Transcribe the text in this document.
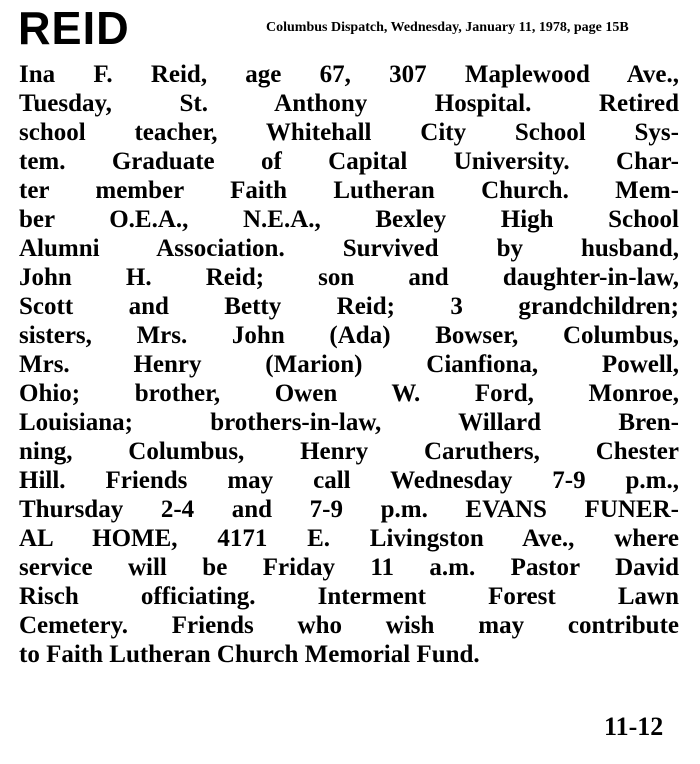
REID	Columbus Dispatch, Wednesday, January 11, 1978, page 15B
Ina F. Reid, age 67, 307 Maplewood Ave.,
Tuesday, St. Anthony Hospital. Retired
school teacher, Whitehall City School Sys-
tem. Graduate of Capital University. Char-
ter member Faith Lutheran Church. Mem-
ber O.E.A., N.E.A., Bexley High School
Alumni Association. Survived by husband,
John H. Reid; son and daughter-in-law,
Scott and Betty Reid; 3 grandchildren;
sisters, Mrs. John (Ada) Bowser, Columbus,
Mrs. Henry (Marion) Cianfiona, Powell,
Ohio; brother, Owen W. Ford, Monroe,
Louisiana; brothers-in-law, Willard Bren-
ning, Columbus, Henry Caruthers, Chester
Hill. Friends may call Wednesday 7-9 p.m.,
Thursday 2-4 and 7-9 p.m. EVANS FUNER-
AL HOME, 4171 E. Livingston Ave., where
service will be Friday 11 a.m. Pastor David
Risch officiating. Interment Forest Lawn
Cemetery. Friends who wish may contribute
to Faith Lutheran Church Memorial Fund.
11-12
